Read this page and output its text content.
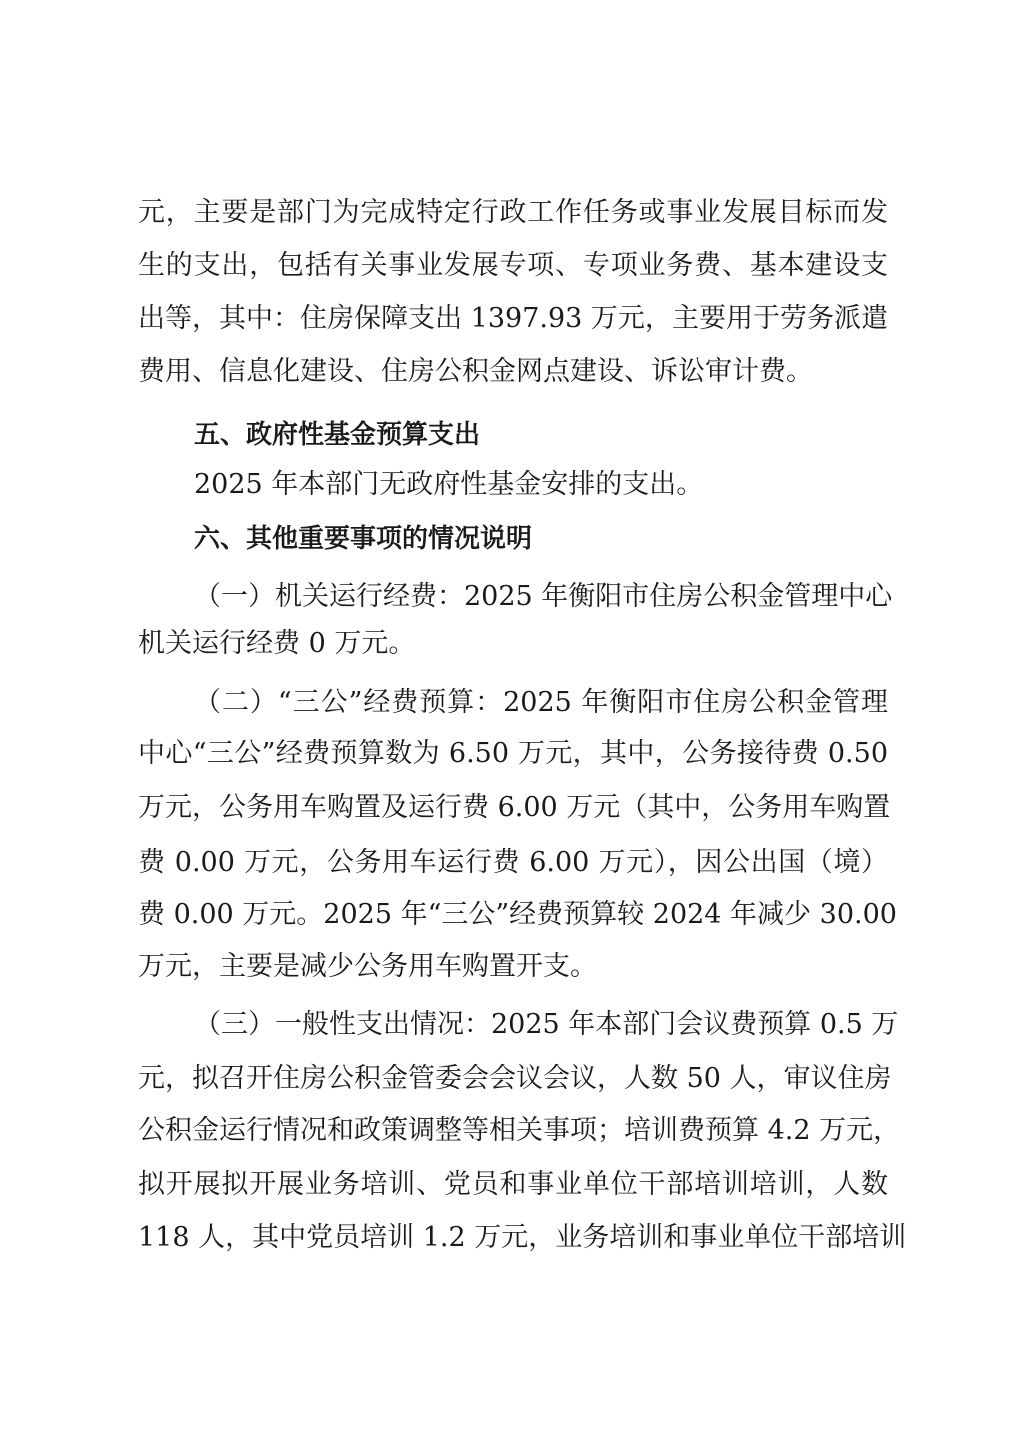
元，主要是部门为完成特定行政工作任务或事业发展目标而发
生的支出，包括有关事业发展专项、专项业务费、基本建设支
出等，其中：住房保障支出 1397.93 万元，主要用于劳务派遣
费用、信息化建设、住房公积金网点建设、诉讼审计费。
五、政府性基金预算支出
2025 年本部门无政府性基金安排的支出。
六、其他重要事项的情况说明
（一）机关运行经费：2025 年衡阳市住房公积金管理中心
机关运行经费 0 万元。
（二）“三公”经费预算：2025 年衡阳市住房公积金管理
中心“三公”经费预算数为 6.50 万元，其中，公务接待费 0.50
万元，公务用车购置及运行费 6.00 万元（其中，公务用车购置
费 0.00 万元，公务用车运行费 6.00 万元），因公出国（境）
费 0.00 万元。2025 年“三公”经费预算较 2024 年减少 30.00
万元，主要是减少公务用车购置开支。
（三）一般性支出情况：2025 年本部门会议费预算 0.5 万
元，拟召开住房公积金管委会会议会议，人数 50 人，审议住房
公积金运行情况和政策调整等相关事项；培训费预算 4.2 万元，
拟开展拟开展业务培训、党员和事业单位干部培训培训，人数
118 人，其中党员培训 1.2 万元，业务培训和事业单位干部培训
